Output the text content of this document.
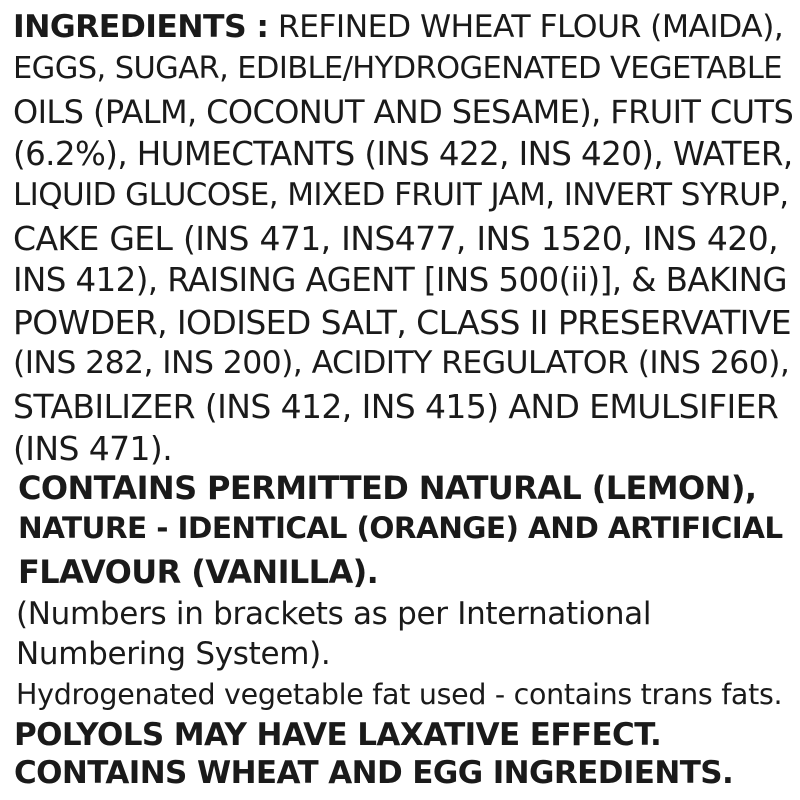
INGREDIENTS : REFINED WHEAT FLOUR (MAIDA),
EGGS, SUGAR, EDIBLE/HYDROGENATED VEGETABLE
OILS (PALM, COCONUT AND SESAME), FRUIT CUTS
(6.2%), HUMECTANTS (INS 422, INS 420), WATER,
LIQUID GLUCOSE, MIXED FRUIT JAM, INVERT SYRUP,
CAKE GEL (INS 471, INS477, INS 1520, INS 420,
INS 412), RAISING AGENT [INS 500(ii)], & BAKING
POWDER, IODISED SALT, CLASS II PRESERVATIVE
(INS 282, INS 200), ACIDITY REGULATOR (INS 260),
STABILIZER (INS 412, INS 415) AND EMULSIFIER
(INS 471).
CONTAINS PERMITTED NATURAL (LEMON),
NATURE - IDENTICAL (ORANGE) AND ARTIFICIAL
FLAVOUR (VANILLA).
(Numbers in brackets as per International
Numbering System).
Hydrogenated vegetable fat used - contains trans fats.
POLYOLS MAY HAVE LAXATIVE EFFECT.
CONTAINS WHEAT AND EGG INGREDIENTS.
